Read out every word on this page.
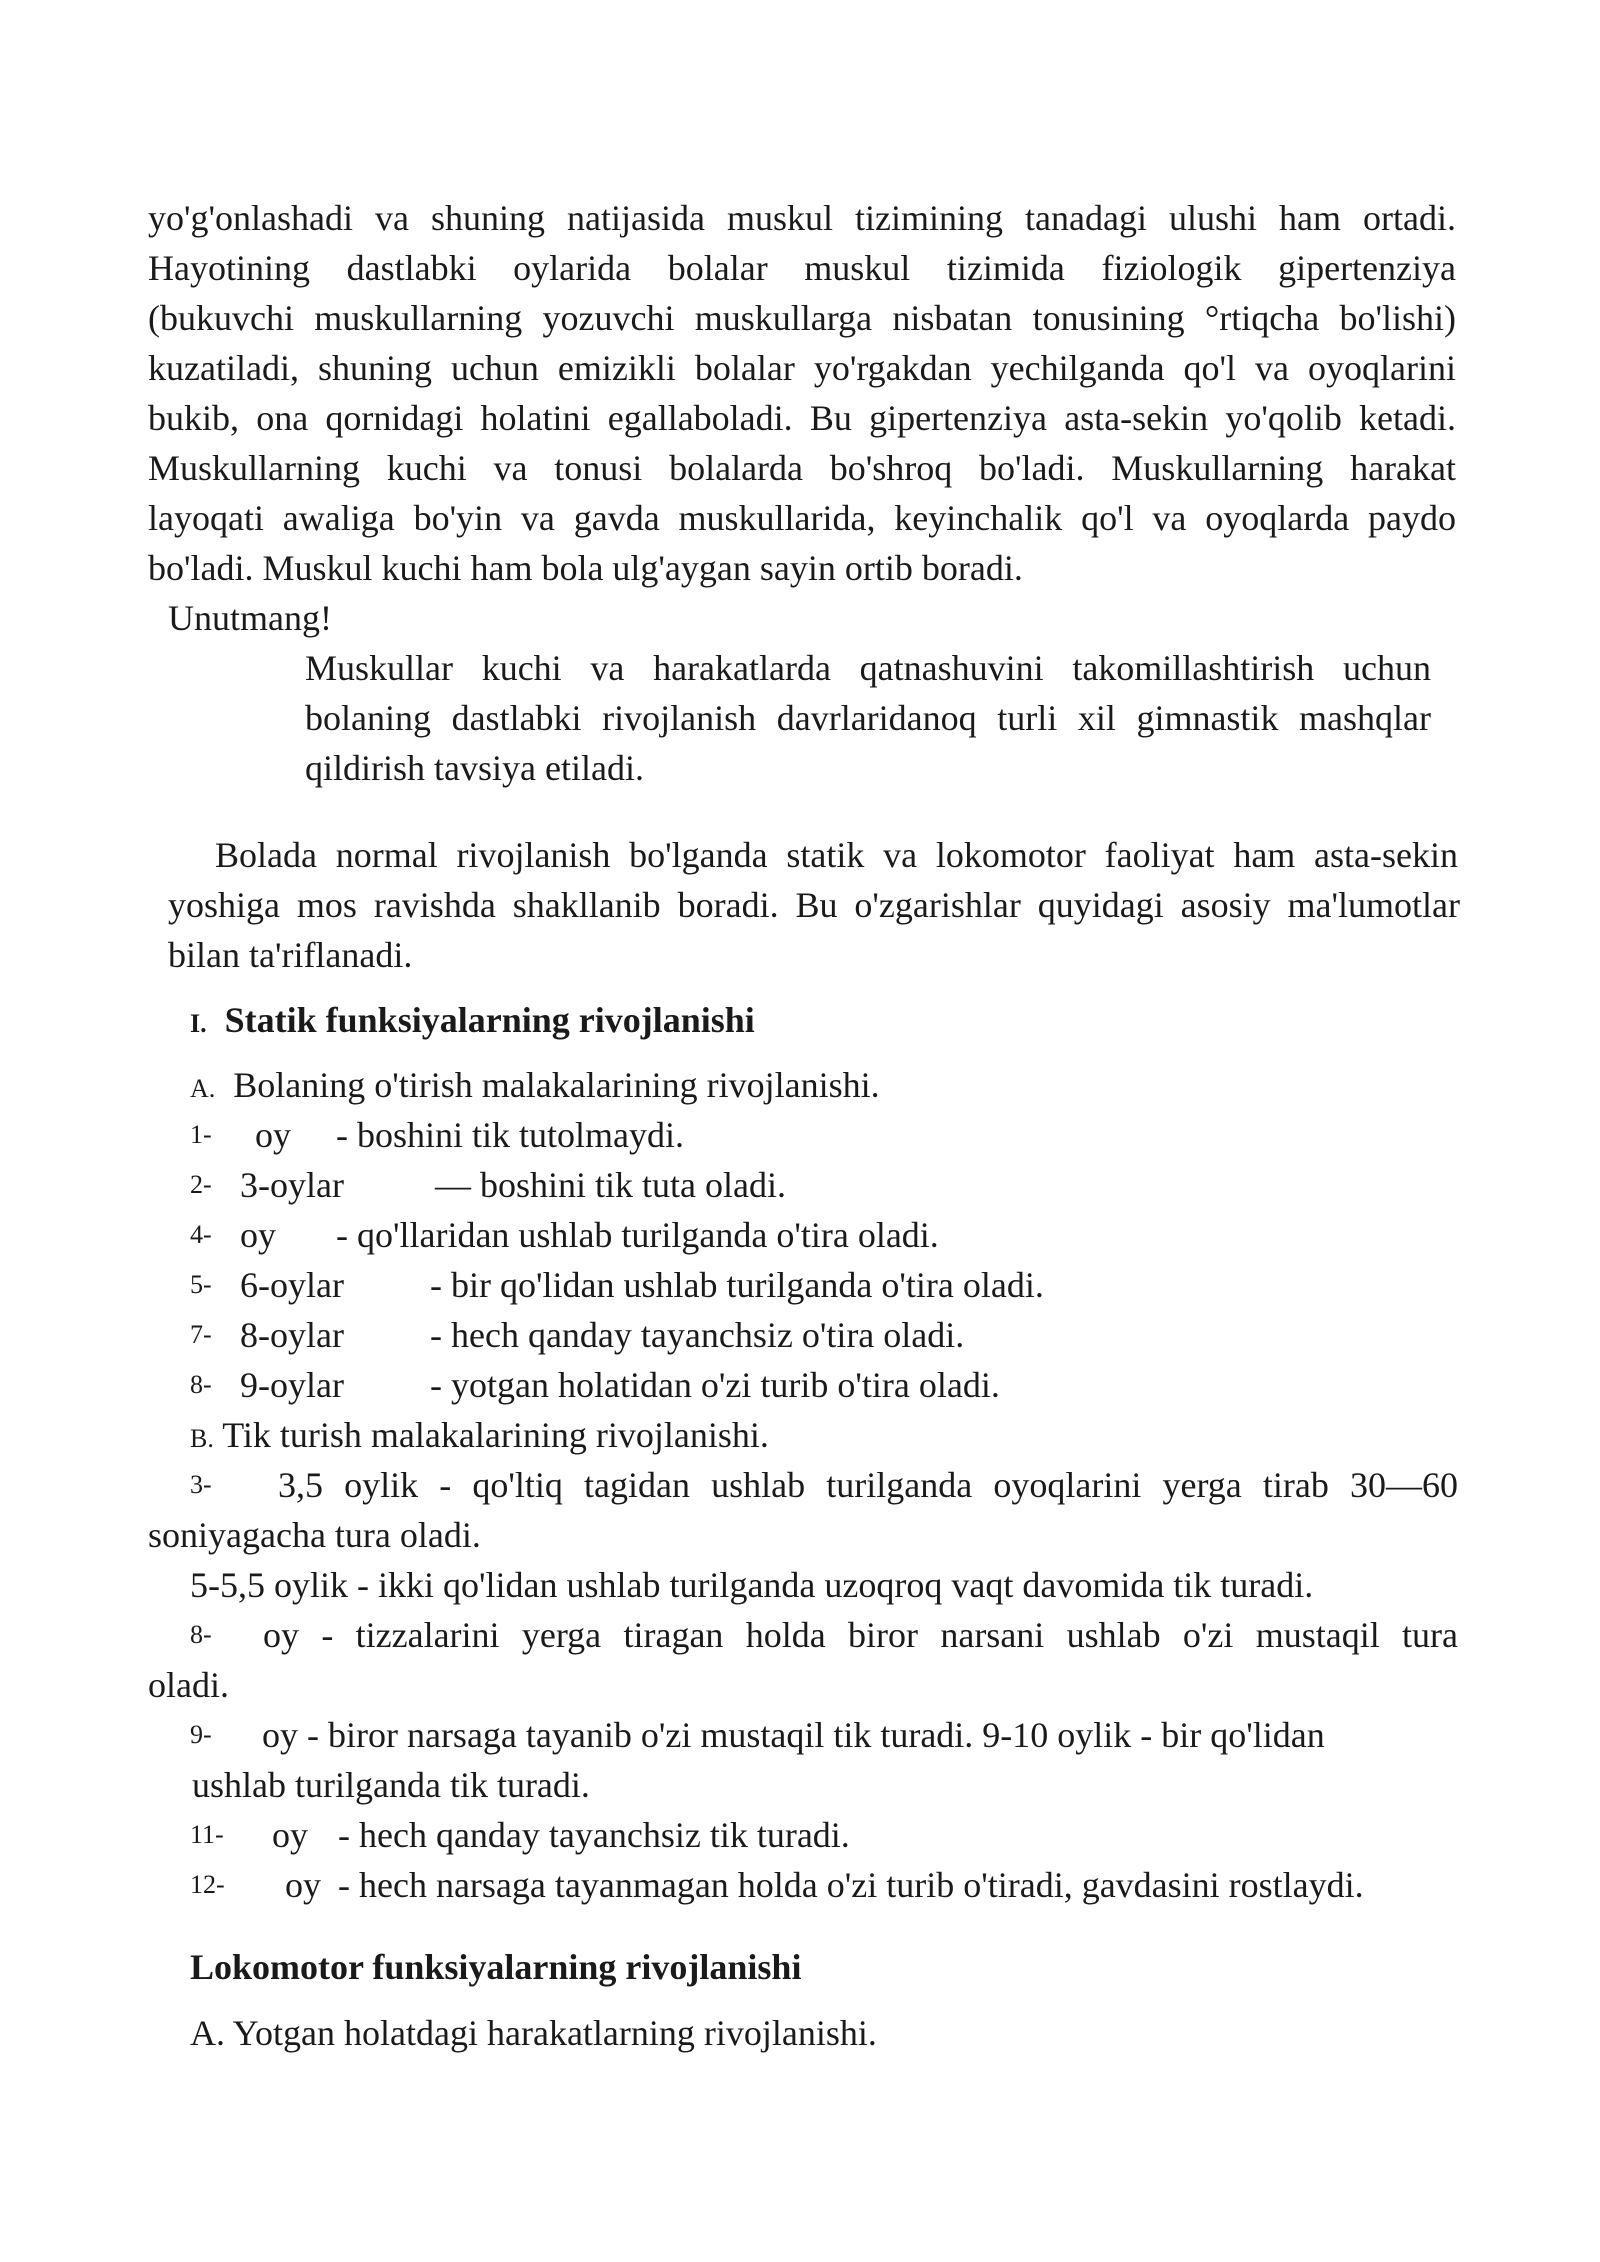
yo'g'onlashadi va shuning natijasida muskul tizimining tanadagi ulushi ham ortadi.
Hayotining dastlabki oylarida bolalar muskul tizimida fiziologik gipertenziya
(bukuvchi muskullarning yozuvchi muskullarga nisbatan tonusining °rtiqcha bo'lishi)
kuzatiladi, shuning uchun emizikli bolalar yo'rgakdan yechilganda qo'l va oyoqlarini
bukib, ona qornidagi holatini egallaboladi. Bu gipertenziya asta-sekin yo'qolib ketadi.
Muskullarning kuchi va tonusi bolalarda bo'shroq bo'ladi. Muskullarning harakat
layoqati awaliga bo'yin va gavda muskullarida, keyinchalik qo'l va oyoqlarda paydo
bo'ladi. Muskul kuchi ham bola ulg'aygan sayin ortib boradi.
Unutmang!
Muskullar kuchi va harakatlarda qatnashuvini takomillashtirish uchun
bolaning dastlabki rivojlanish davrlaridanoq turli xil gimnastik mashqlar
qildirish tavsiya etiladi.
Bolada normal rivojlanish bo'lganda statik va lokomotor faoliyat ham asta-sekin
yoshiga mos ravishda shakllanib boradi. Bu o'zgarishlar quyidagi asosiy ma'lumotlar
bilan ta'riflanadi.
I. Statik funksiyalarning rivojlanishi
A. Bolaning o'tirish malakalarining rivojlanishi.
1- oy - boshini tik tutolmaydi.
2- 3-oylar	— boshini tik tuta oladi.
4- oy - qo'llaridan ushlab turilganda o'tira oladi.
5- 6-oylar - bir qo'lidan ushlab turilganda o'tira oladi.
7- 8-oylar - hech qanday tayanchsiz o'tira oladi.
8- 9-oylar - yotgan holatidan o'zi turib o'tira oladi.
B. Tik turish malakalarining rivojlanishi.
3- 3,5 oylik - qo'ltiq tagidan ushlab turilganda oyoqlarini yerga tirab 30—60
soniyagacha tura oladi.
5-5,5 oylik - ikki qo'lidan ushlab turilganda uzoqroq vaqt davomida tik turadi.
8- oy - tizzalarini yerga tiragan holda biror narsani ushlab o'zi mustaqil tura
oladi.
9- oy - biror narsaga tayanib o'zi mustaqil tik turadi. 9-10 oylik - bir qo'lidan
ushlab turilganda tik turadi.
11- oy - hech qanday tayanchsiz tik turadi.
12- oy - hech narsaga tayanmagan holda o'zi turib o'tiradi, gavdasini rostlaydi.
Lokomotor funksiyalarning rivojlanishi
A. Yotgan holatdagi harakatlarning rivojlanishi.
